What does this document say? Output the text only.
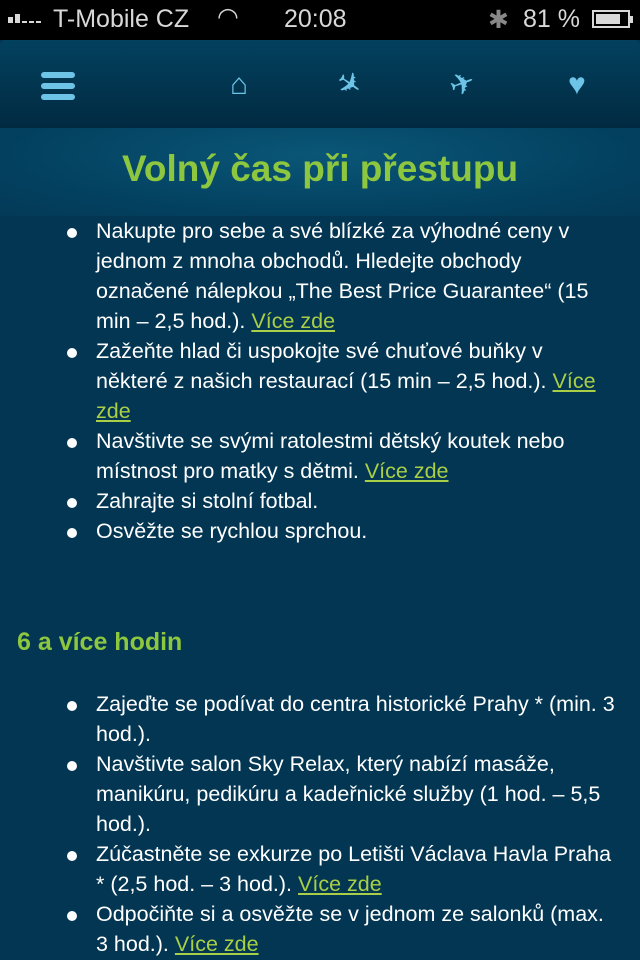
T-Mobile CZ ◠ 20:08	✱ 81 %
⌂	✈	✈	♥
Volný čas při přestupu
Nakupte pro sebe a své blízké za výhodné ceny v jednom z mnoha obchodů. Hledejte obchody označené nálepkou „The Best Price Guarantee“ (15 min – 2,5 hod.). Více zde
Zažeňte hlad či uspokojte své chuťové buňky v některé z našich restaurací (15 min – 2,5 hod.). Více zde
Navštivte se svými ratolestmi dětský koutek nebo místnost pro matky s dětmi. Více zde
Zahrajte si stolní fotbal.
Osvěžte se rychlou sprchou.
6 a více hodin
Zajeďte se podívat do centra historické Prahy * (min. 3 hod.).
Navštivte salon Sky Relax, který nabízí masáže, manikúru, pedikúru a kadeřnické služby (1 hod. – 5,5 hod.).
Zúčastněte se exkurze po Letišti Václava Havla Praha * (2,5 hod. – 3 hod.). Více zde
Odpočiňte si a osvěžte se v jednom ze salonků (max. 3 hod.). Více zde
